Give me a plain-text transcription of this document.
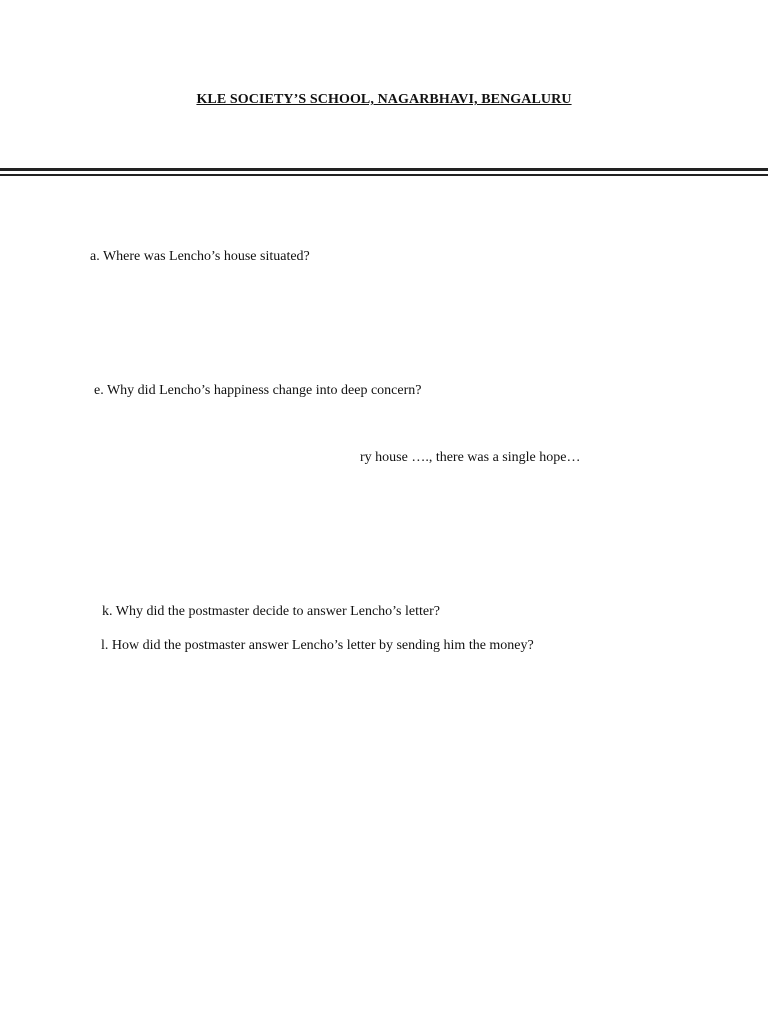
KLE SOCIETY’S SCHOOL, NAGARBHAVI, BENGALURU
a. Where was Lencho’s house situated?
e. Why did Lencho’s happiness change into deep concern?
ry house …., there was a single hope…
k. Why did the postmaster decide to answer Lencho’s letter?
l. How did the postmaster answer Lencho’s letter by sending him the money?
